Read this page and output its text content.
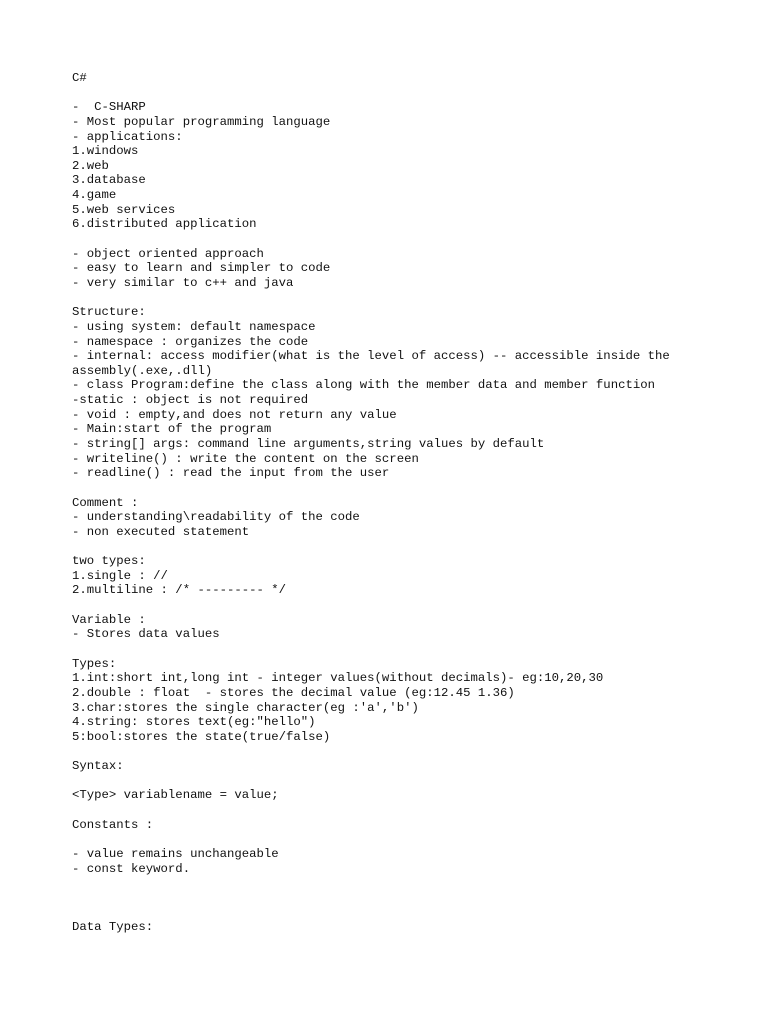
C#
-  C-SHARP
- Most popular programming language
- applications:
1.windows
2.web
3.database
4.game
5.web services
6.distributed application
- object oriented approach
- easy to learn and simpler to code
- very similar to c++ and java
Structure:
- using system: default namespace
- namespace : organizes the code
- internal: access modifier(what is the level of access) -- accessible inside the
assembly(.exe,.dll)
- class Program:define the class along with the member data and member function
-static : object is not required
- void : empty,and does not return any value
- Main:start of the program
- string[] args: command line arguments,string values by default
- writeline() : write the content on the screen
- readline() : read the input from the user
Comment :
- understanding\readability of the code
- non executed statement
two types:
1.single : //
2.multiline : /* --------- */
Variable :
- Stores data values
Types:
1.int:short int,long int - integer values(without decimals)- eg:10,20,30
2.double : float  - stores the decimal value (eg:12.45 1.36)
3.char:stores the single character(eg :'a','b')
4.string: stores text(eg:"hello")
5:bool:stores the state(true/false)
Syntax:
<Type> variablename = value;
Constants :
- value remains unchangeable
- const keyword.
Data Types:
